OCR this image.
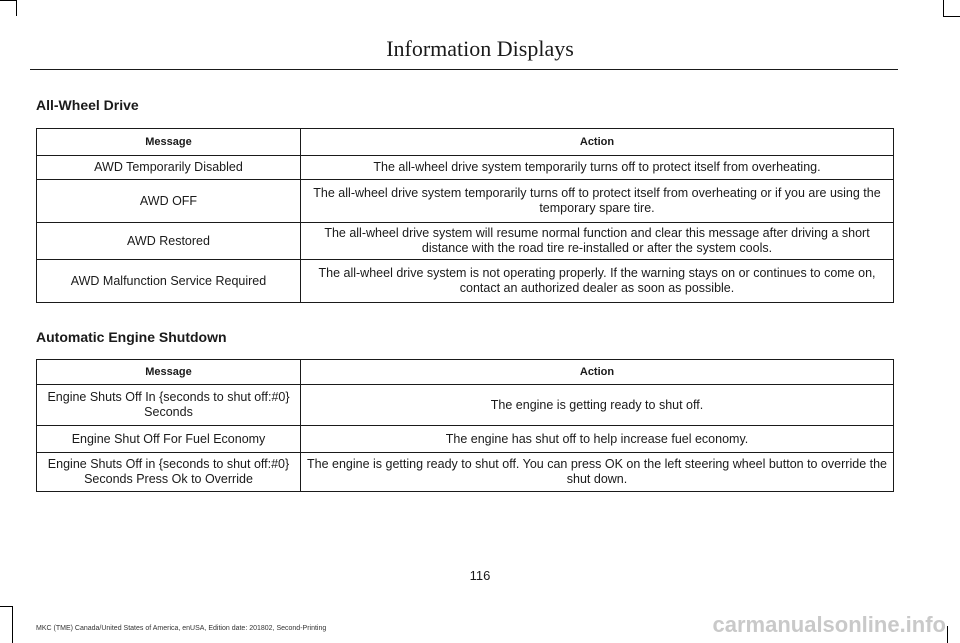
Information Displays
All-Wheel Drive
Message	Action
AWD Temporarily Disabled	The all-wheel drive system temporarily turns off to protect itself from overheating.
AWD OFF	The all-wheel drive system temporarily turns off to protect itself from overheating or if you are using the temporary spare tire.
AWD Restored	The all-wheel drive system will resume normal function and clear this message after driving a short distance with the road tire re-installed or after the system cools.
AWD Malfunction Service Required	The all-wheel drive system is not operating properly. If the warning stays on or continues to come on, contact an authorized dealer as soon as possible.
Automatic Engine Shutdown
Message	Action
Engine Shuts Off In {seconds to shut off:#0} Seconds	The engine is getting ready to shut off.
Engine Shut Off For Fuel Economy	The engine has shut off to help increase fuel economy.
Engine Shuts Off in {seconds to shut off:#0} Seconds Press Ok to Override	The engine is getting ready to shut off. You can press OK on the left steering wheel button to override the shut down.
116
MKC (TME) Canada/United States of America, enUSA, Edition date: 201802, Second-Printing	carmanualsonline.info
